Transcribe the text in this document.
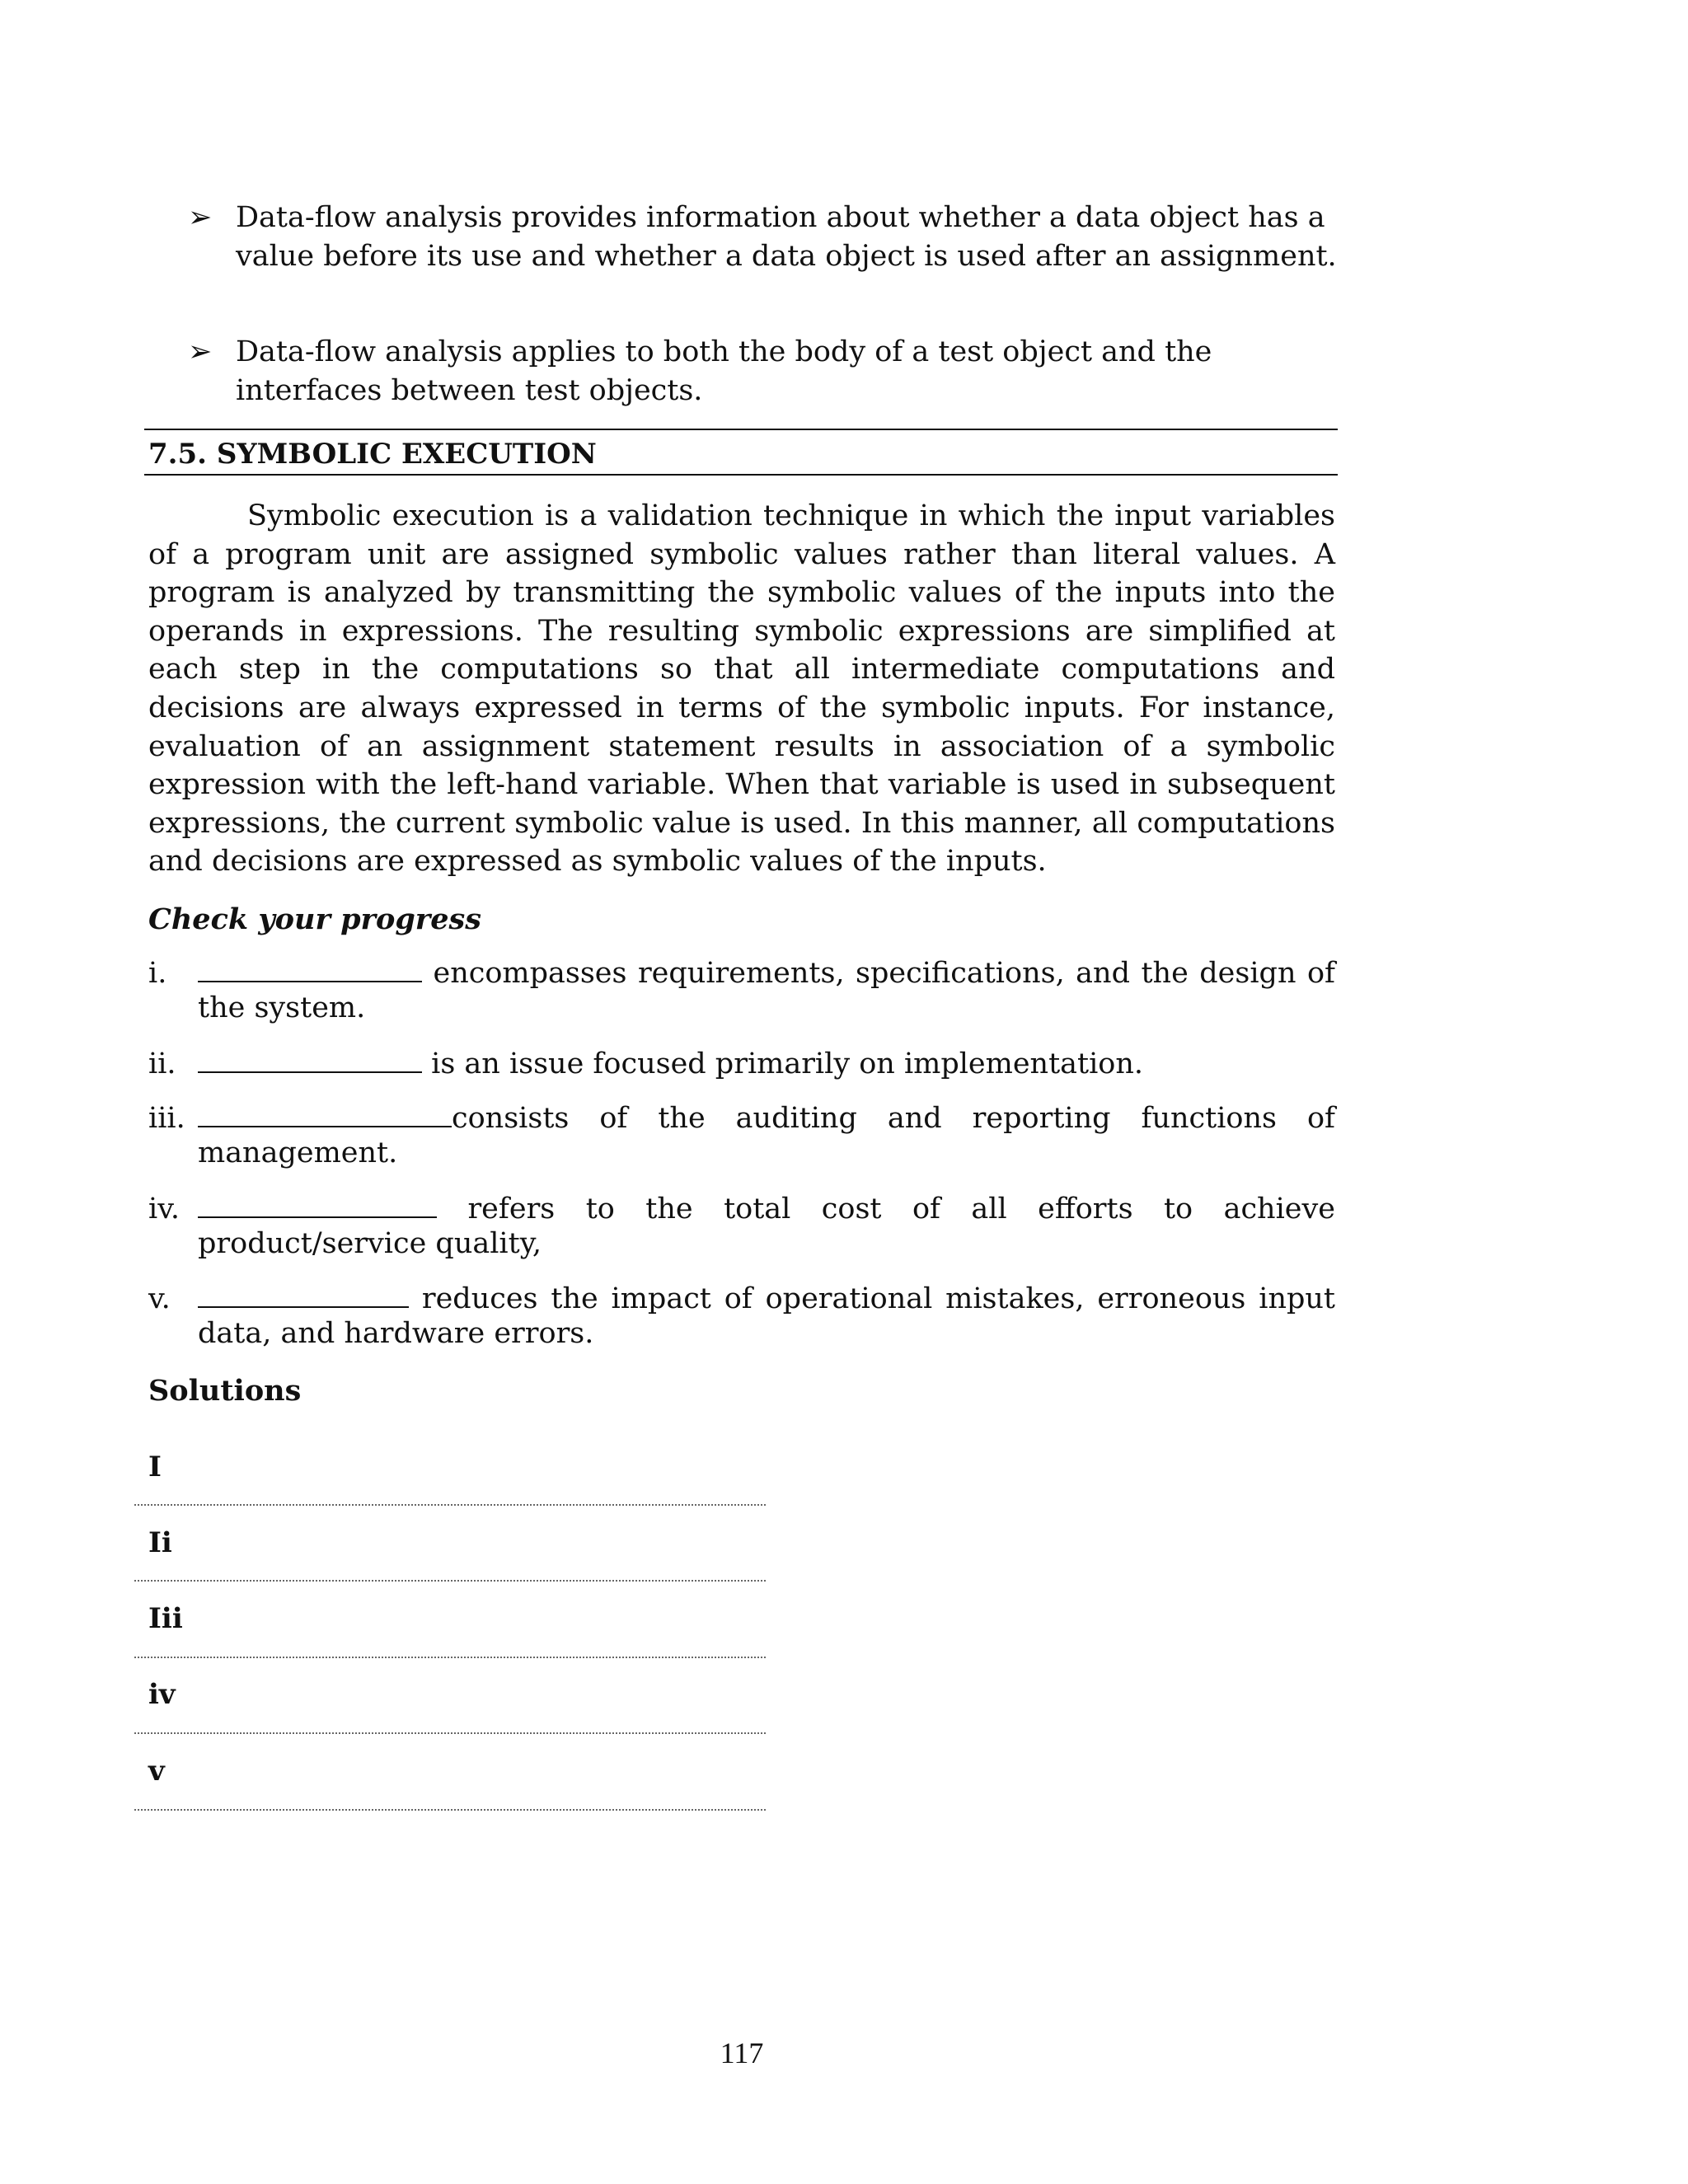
➢ Data-flow analysis provides information about whether a data object has a value before its use and whether a data object is used after an assignment.
➢ Data-flow analysis applies to both the body of a test object and the interfaces between test objects.
7.5. SYMBOLIC EXECUTION

Symbolic execution is a validation technique in which the input variables of a program unit are assigned symbolic values rather than literal values. A program is analyzed by transmitting the symbolic values of the inputs into the operands in expressions. The resulting symbolic expressions are simplified at each step in the computations so that all intermediate computations and decisions are always expressed in terms of the symbolic inputs. For instance, evaluation of an assignment statement results in association of a symbolic expression with the left-hand variable. When that variable is used in subsequent expressions, the current symbolic value is used. In this manner, all computations and decisions are expressed as symbolic values of the inputs.

Check your progress
i.	encompasses requirements, specifications, and the design of the system.
ii.	is an issue focused primarily on implementation.
iii.	consists of the auditing and reporting functions of management.
iv.	refers to the total cost of all efforts to achieve product/service quality,
v.	reduces the impact of operational mistakes, erroneous input data, and hardware errors.
Solutions
I
Ii
Iii
iv
v
117
